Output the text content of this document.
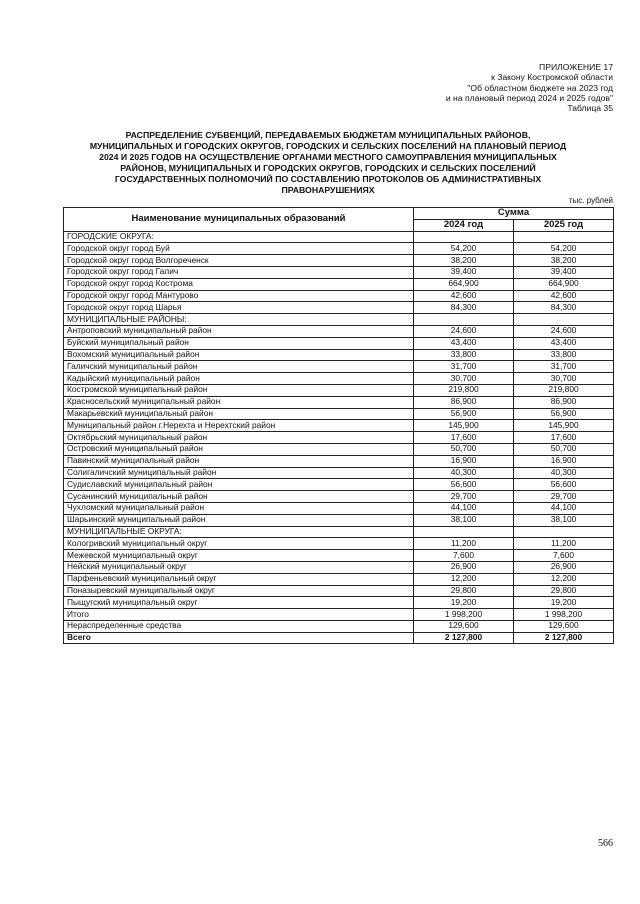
ПРИЛОЖЕНИЕ 17
к Закону Костромской области
"Об областном бюджете на 2023 год
и на плановый период 2024 и 2025 годов"
Таблица 35
РАСПРЕДЕЛЕНИЕ СУБВЕНЦИЙ, ПЕРЕДАВАЕМЫХ БЮДЖЕТАМ МУНИЦИПАЛЬНЫХ РАЙОНОВ,
МУНИЦИПАЛЬНЫХ И ГОРОДСКИХ ОКРУГОВ, ГОРОДСКИХ И СЕЛЬСКИХ ПОСЕЛЕНИЙ НА ПЛАНОВЫЙ ПЕРИОД
2024 И 2025 ГОДОВ НА ОСУЩЕСТВЛЕНИЕ ОРГАНАМИ МЕСТНОГО САМОУПРАВЛЕНИЯ МУНИЦИПАЛЬНЫХ
РАЙОНОВ, МУНИЦИПАЛЬНЫХ И ГОРОДСКИХ ОКРУГОВ, ГОРОДСКИХ И СЕЛЬСКИХ ПОСЕЛЕНИЙ
ГОСУДАРСТВЕННЫХ ПОЛНОМОЧИЙ ПО СОСТАВЛЕНИЮ ПРОТОКОЛОВ ОБ АДМИНИСТРАТИВНЫХ
ПРАВОНАРУШЕНИЯХ
тыс. рублей
Наименование муниципальных образований	Сумма	
	2024 год	2025 год
ГОРОДСКИЕ ОКРУГА:		
Городской округ город Буй	54,200	54,200
Городской округ город Волгореченск	38,200	38,200
Городской округ город Галич	39,400	39,400
Городской округ город Кострома	664,900	664,900
Городской округ город Мантурово	42,600	42,600
Городской округ город Шарья	84,300	84,300
МУНИЦИПАЛЬНЫЕ РАЙОНЫ:		
Антроповский муниципальный район	24,600	24,600
Буйский муниципальный район	43,400	43,400
Вохомский муниципальный район	33,800	33,800
Галичский муниципальный район	31,700	31,700
Кадыйский муниципальный район	30,700	30,700
Костромской муниципальный район	219,800	219,800
Красносельский муниципальный район	86,900	86,900
Макарьевский муниципальный район	56,900	56,900
Муниципальный район г.Нерехта и Нерехтский район	145,900	145,900
Октябрьский муниципальный район	17,600	17,600
Островский муниципальный район	50,700	50,700
Павинский муниципальный район	16,900	16,900
Солигаличский муниципальный район	40,300	40,300
Судиславский муниципальный район	56,600	56,600
Сусанинский муниципальный район	29,700	29,700
Чухломский муниципальный район	44,100	44,100
Шарьинский муниципальный район	38,100	38,100
МУНИЦИПАЛЬНЫЕ ОКРУГА:		
Кологривский муниципальный округ	11,200	11,200
Межевской муниципальный округ	7,600	7,600
Нейский муниципальный округ	26,900	26,900
Парфеньевский муниципальный округ	12,200	12,200
Поназыревский муниципальный округ	29,800	29,800
Пыщугский муниципальный округ	19,200	19,200
Итого	1 998,200	1 998,200
Нераспределенные средства	129,600	129,600
Всего	2 127,800	2 127,800
566
